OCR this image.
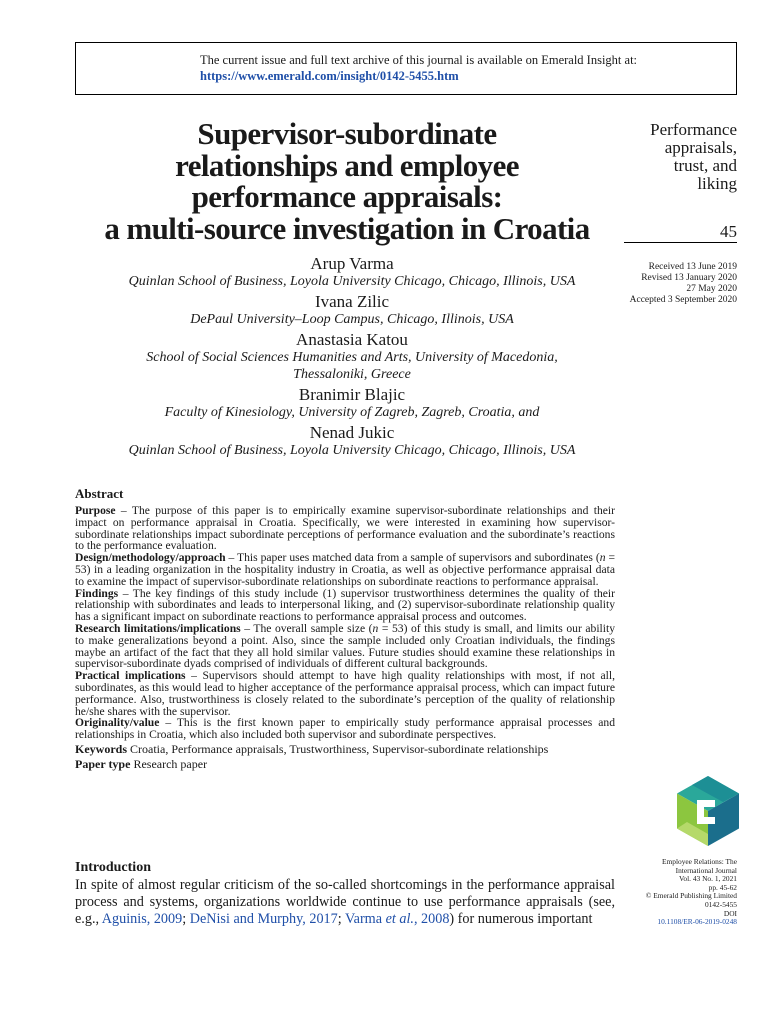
The current issue and full text archive of this journal is available on Emerald Insight at:
https://www.emerald.com/insight/0142-5455.htm
Supervisor-subordinate
relationships and employee
performance appraisals:
a multi-source investigation in Croatia
Performance
appraisals,
trust, and
liking
45
Received 13 June 2019
Revised 13 January 2020
27 May 2020
Accepted 3 September 2020

Arup Varma

Quinlan School of Business, Loyola University Chicago, Chicago, Illinois, USA

Ivana Zilic

DePaul University–Loop Campus, Chicago, Illinois, USA

Anastasia Katou

School of Social Sciences Humanities and Arts, University of Macedonia,
Thessaloniki, Greece

Branimir Blajic

Faculty of Kinesiology, University of Zagreb, Zagreb, Croatia, and

Nenad Jukic

Quinlan School of Business, Loyola University Chicago, Chicago, Illinois, USA

Abstract

Purpose – The purpose of this paper is to empirically examine supervisor-subordinate relationships and their impact on performance appraisal in Croatia. Specifically, we were interested in examining how supervisor-subordinate relationships impact subordinate perceptions of performance evaluation and the subordinate’s reactions to the performance evaluation.

Design/methodology/approach – This paper uses matched data from a sample of supervisors and subordinates (n = 53) in a leading organization in the hospitality industry in Croatia, as well as objective performance appraisal data to examine the impact of supervisor-subordinate relationships on subordinate reactions to performance appraisal.

Findings – The key findings of this study include (1) supervisor trustworthiness determines the quality of their relationship with subordinates and leads to interpersonal liking, and (2) supervisor-subordinate relationship quality has a significant impact on subordinate reactions to performance appraisal process and outcomes.

Research limitations/implications – The overall sample size (n = 53) of this study is small, and limits our ability to make generalizations beyond a point. Also, since the sample included only Croatian individuals, the findings maybe an artifact of the fact that they all hold similar values. Future studies should examine these relationships in supervisor-subordinate dyads comprised of individuals of different cultural backgrounds.

Practical implications – Supervisors should attempt to have high quality relationships with most, if not all, subordinates, as this would lead to higher acceptance of the performance appraisal process, which can impact future performance. Also, trustworthiness is closely related to the subordinate’s perception of the quality of relationship he/she shares with the supervisor.

Originality/value – This is the first known paper to empirically study performance appraisal processes and relationships in Croatia, which also included both supervisor and subordinate perspectives.

Keywords Croatia, Performance appraisals, Trustworthiness, Supervisor-subordinate relationships

Paper type Research paper

Employee Relations: The
International Journal
Vol. 43 No. 1, 2021
pp. 45-62
© Emerald Publishing Limited
0142-5455
DOI
10.1108/ER-06-2019-0248
Introduction

In spite of almost regular criticism of the so-called shortcomings in the performance appraisal process and systems, organizations worldwide continue to use performance appraisals (see, e.g., Aguinis, 2009; DeNisi and Murphy, 2017; Varma et al., 2008) for numerous important
